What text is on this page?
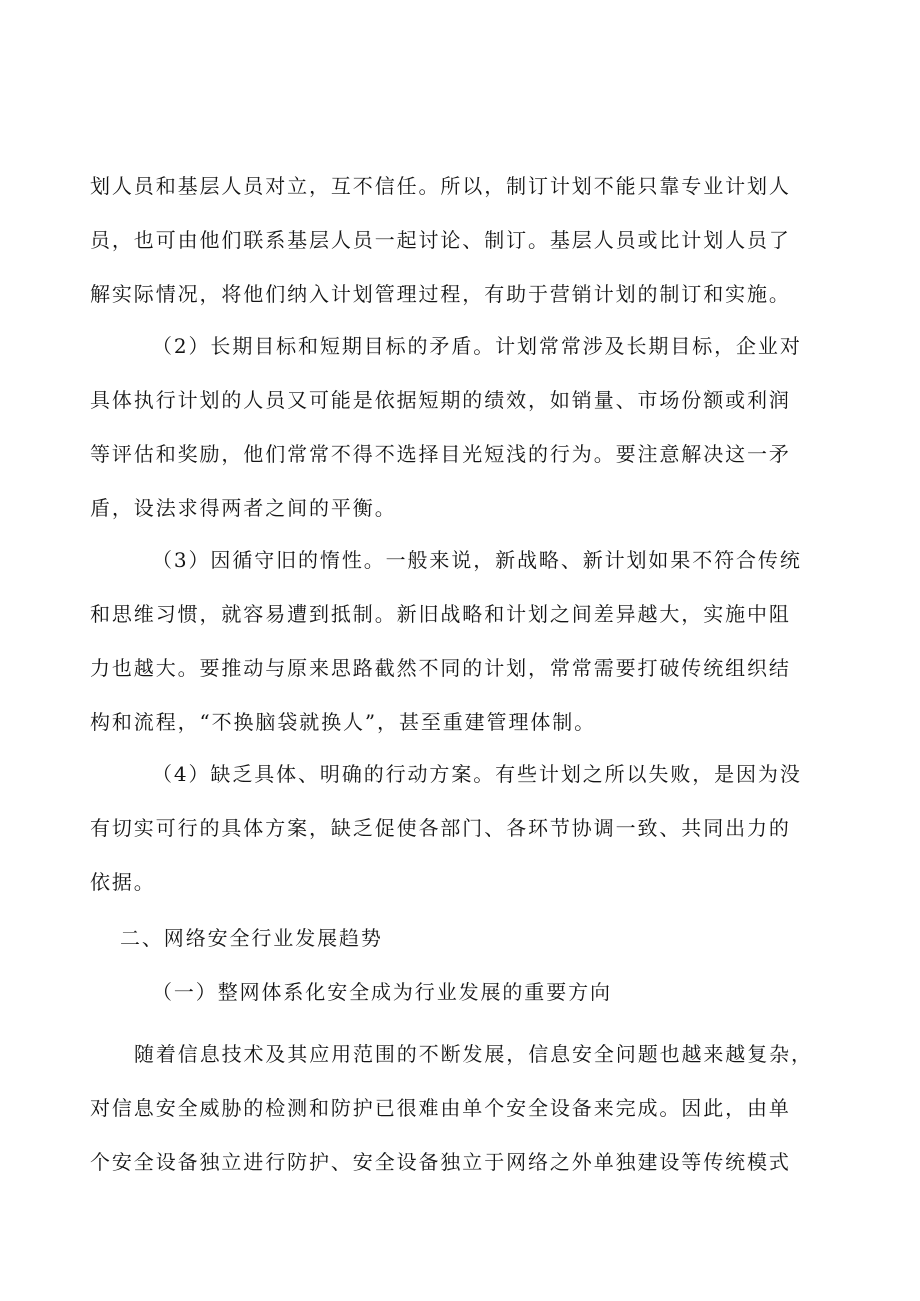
划人员和基层人员对立，互不信任。所以，制订计划不能只靠专业计划人
员，也可由他们联系基层人员一起讨论、制订。基层人员或比计划人员了
解实际情况，将他们纳入计划管理过程，有助于营销计划的制订和实施。
（2）长期目标和短期目标的矛盾。计划常常涉及长期目标，企业对
具体执行计划的人员又可能是依据短期的绩效，如销量、市场份额或利润
等评估和奖励，他们常常不得不选择目光短浅的行为。要注意解决这一矛
盾，设法求得两者之间的平衡。
（3）因循守旧的惰性。一般来说，新战略、新计划如果不符合传统
和思维习惯，就容易遭到抵制。新旧战略和计划之间差异越大，实施中阻
力也越大。要推动与原来思路截然不同的计划，常常需要打破传统组织结
构和流程，“不换脑袋就换人”，甚至重建管理体制。
（4）缺乏具体、明确的行动方案。有些计划之所以失败，是因为没
有切实可行的具体方案，缺乏促使各部门、各环节协调一致、共同出力的
依据。
二、网络安全行业发展趋势
（一）整网体系化安全成为行业发展的重要方向
随着信息技术及其应用范围的不断发展，信息安全问题也越来越复杂，
对信息安全威胁的检测和防护已很难由单个安全设备来完成。因此，由单
个安全设备独立进行防护、安全设备独立于网络之外单独建设等传统模式
